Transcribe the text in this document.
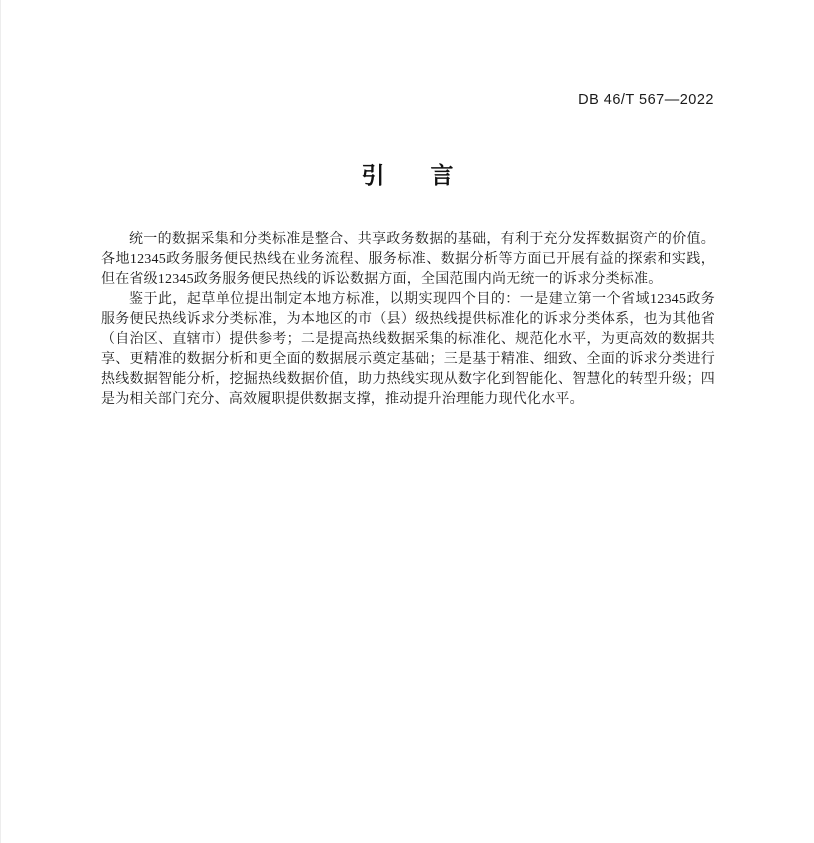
DB 46/T 567—2022
引　　言

统一的数据采集和分类标准是整合、共享政务数据的基础，有利于充分发挥数据资产的价值。各地12345政务服务便民热线在业务流程、服务标准、数据分析等方面已开展有益的探索和实践，但在省级12345政务服务便民热线的诉讼数据方面，全国范围内尚无统一的诉求分类标准。

鉴于此，起草单位提出制定本地方标准，以期实现四个目的：一是建立第一个省域12345政务服务便民热线诉求分类标准，为本地区的市（县）级热线提供标准化的诉求分类体系，也为其他省（自治区、直辖市）提供参考；二是提高热线数据采集的标准化、规范化水平，为更高效的数据共享、更精准的数据分析和更全面的数据展示奠定基础；三是基于精准、细致、全面的诉求分类进行热线数据智能分析，挖掘热线数据价值，助力热线实现从数字化到智能化、智慧化的转型升级；四是为相关部门充分、高效履职提供数据支撑，推动提升治理能力现代化水平。
